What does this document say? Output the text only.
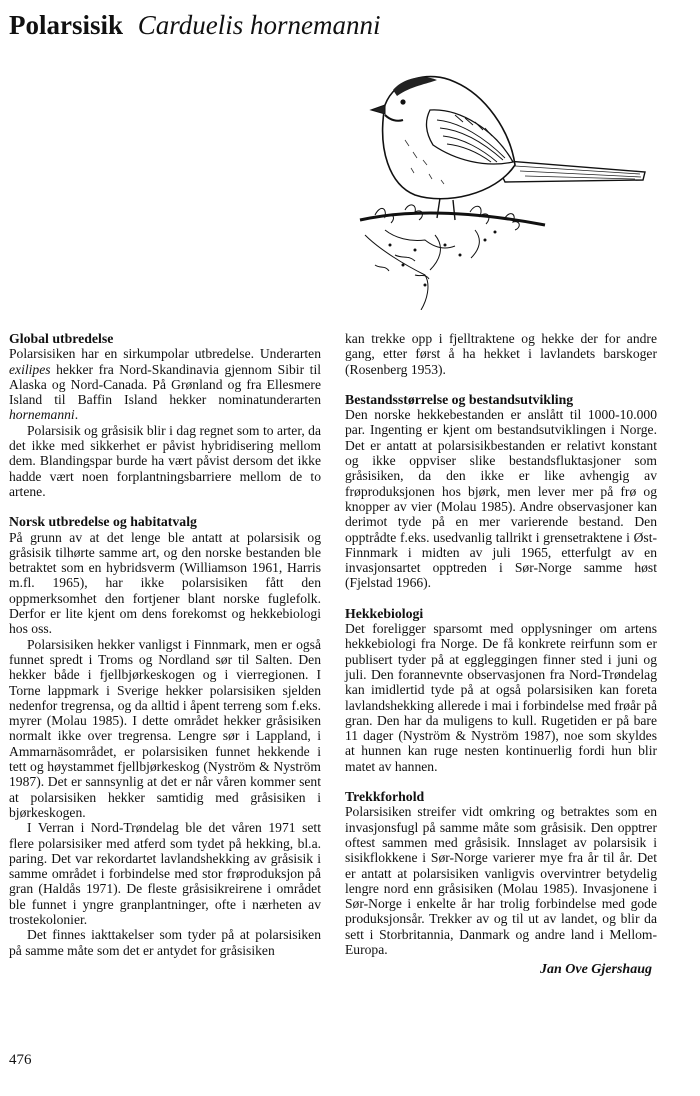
Polarsisik Carduelis hornemanni
Global utbredelse

Polarsisiken har en sirkumpolar utbredelse. Underarten exilipes hekker fra Nord-Skandinavia gjennom Sibir til Alaska og Nord-Canada. På Grønland og fra Ellesmere Island til Baffin Island hekker nominatunderarten hornemanni.

Polarsisik og gråsisik blir i dag regnet som to arter, da det ikke med sikkerhet er påvist hybridisering mellom dem. Blandingspar burde ha vært påvist dersom det ikke hadde vært noen forplantningsbarriere mellom de to artene.

Norsk utbredelse og habitatvalg

På grunn av at det lenge ble antatt at polarsisik og gråsisik tilhørte samme art, og den norske bestanden ble betraktet som en hybridsverm (Williamson 1961, Harris m.fl. 1965), har ikke polarsisiken fått den oppmerksomhet den fortjener blant norske fuglefolk. Derfor er lite kjent om dens forekomst og hekkebiologi hos oss.

Polarsisiken hekker vanligst i Finnmark, men er også funnet spredt i Troms og Nordland sør til Salten. Den hekker både i fjellbjørkeskogen og i vierregionen. I Torne lappmark i Sverige hekker polarsisiken sjelden nedenfor tregrensa, og da alltid i åpent terreng som f.eks. myrer (Molau 1985). I dette området hekker gråsisiken normalt ikke over tregrensa. Lengre sør i Lappland, i Ammarnäsområdet, er polarsisiken funnet hekkende i tett og høystammet fjellbjørkeskog (Nyström & Nyström 1987). Det er sannsynlig at det er når våren kommer sent at polarsisiken hekker samtidig med gråsisiken i bjørkeskogen.

I Verran i Nord-Trøndelag ble det våren 1971 sett flere polarsisiker med atferd som tydet på hekking, bl.a. paring. Det var rekordartet lavlandshekking av gråsisik i samme området i forbindelse med stor frøproduksjon på gran (Haldås 1971). De fleste gråsisikreirene i området ble funnet i yngre granplantninger, ofte i nærheten av trostekolonier.

Det finnes iakttakelser som tyder på at polarsisiken på samme måte som det er antydet for gråsisiken

kan trekke opp i fjelltraktene og hekke der for andre gang, etter først å ha hekket i lavlandets barskoger (Rosenberg 1953).

Bestandsstørrelse og bestandsutvikling

Den norske hekkebestanden er anslått til 1000-10.000 par. Ingenting er kjent om bestandsutviklingen i Norge. Det er antatt at polarsisikbestanden er relativt konstant og ikke oppviser slike bestandsfluktasjoner som gråsisiken, da den ikke er like avhengig av frøproduksjonen hos bjørk, men lever mer på frø og knopper av vier (Molau 1985). Andre observasjoner kan derimot tyde på en mer varierende bestand. Den opptrådte f.eks. usedvanlig tallrikt i grensetraktene i Øst-Finnmark i midten av juli 1965, etterfulgt av en invasjonsartet opptreden i Sør-Norge samme høst (Fjelstad 1966).

Hekkebiologi

Det foreligger sparsomt med opplysninger om artens hekkebiologi fra Norge. De få konkrete reirfunn som er publisert tyder på at eggleggingen finner sted i juni og juli. Den forannevnte observasjonen fra Nord-Trøndelag kan imidlertid tyde på at også polarsisiken kan foreta lavlandshekking allerede i mai i forbindelse med frøår på gran. Den har da muligens to kull. Rugetiden er på bare 11 dager (Nyström & Nyström 1987), noe som skyldes at hunnen kan ruge nesten kontinuerlig fordi hun blir matet av hannen.

Trekkforhold

Polarsisiken streifer vidt omkring og betraktes som en invasjonsfugl på samme måte som gråsisik. Den opptrer oftest sammen med gråsisik. Innslaget av polarsisik i sisikflokkene i Sør-Norge varierer mye fra år til år. Det er antatt at polarsisiken vanligvis overvintrer betydelig lengre nord enn gråsisiken (Molau 1985). Invasjonene i Sør-Norge i enkelte år har trolig forbindelse med gode produksjonsår. Trekker av og til ut av landet, og blir da sett i Storbritannia, Danmark og andre land i Mellom-Europa.

Jan Ove Gjershaug
476
